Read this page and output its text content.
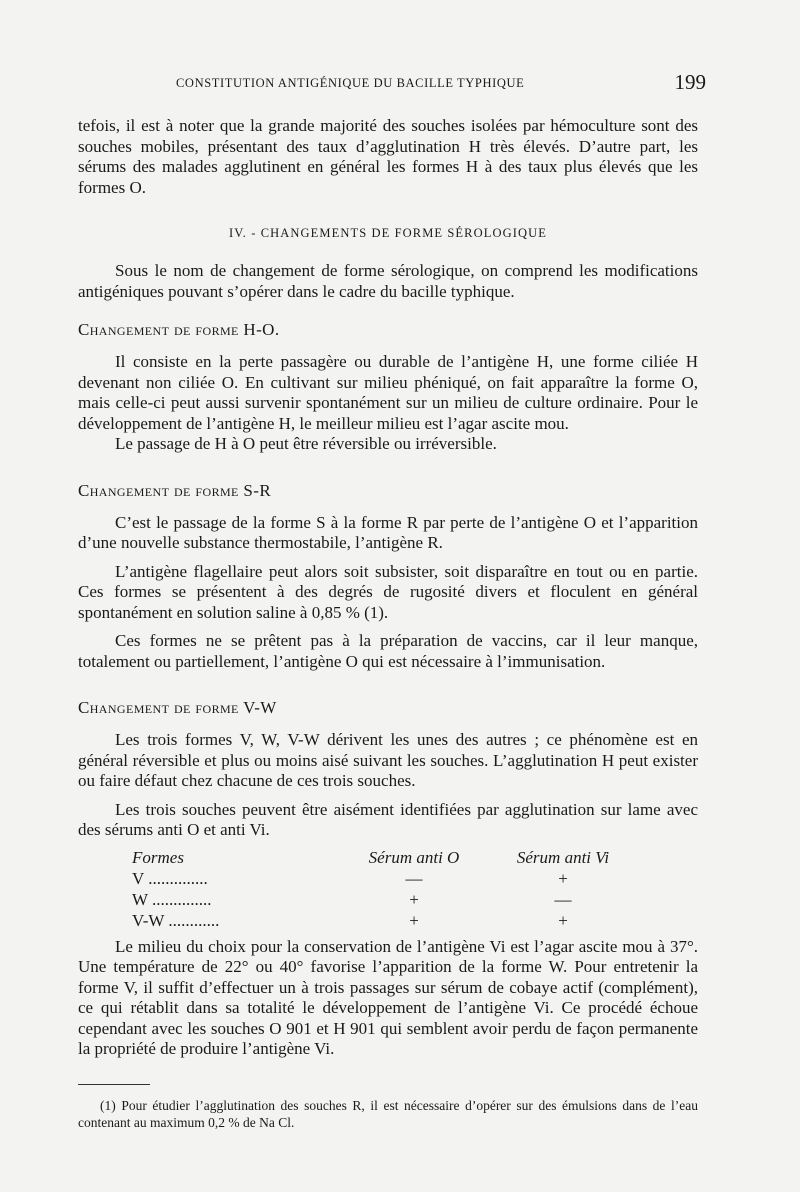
CONSTITUTION ANTIGÉNIQUE DU BACILLE TYPHIQUE	199

tefois, il est à noter que la grande majorité des souches isolées par hémoculture sont des souches mobiles, présentant des taux d’agglutination H très élevés. D’autre part, les sérums des malades agglutinent en général les formes H à des taux plus élevés que les formes O.

IV. - CHANGEMENTS DE FORME SÉROLOGIQUE

Sous le nom de changement de forme sérologique, on comprend les modifications antigéniques pouvant s’opérer dans le cadre du bacille typhique.

Changement de forme H-O.

Il consiste en la perte passagère ou durable de l’antigène H, une forme ciliée H devenant non ciliée O. En cultivant sur milieu phéniqué, on fait apparaître la forme O, mais celle-ci peut aussi survenir spontanément sur un milieu de culture ordinaire. Pour le développement de l’antigène H, le meilleur milieu est l’agar ascite mou.

Le passage de H à O peut être réversible ou irréversible.

Changement de forme S-R

C’est le passage de la forme S à la forme R par perte de l’antigène O et l’apparition d’une nouvelle substance thermostabile, l’antigène R.

L’antigène flagellaire peut alors soit subsister, soit disparaître en tout ou en partie. Ces formes se présentent à des degrés de rugosité divers et floculent en général spontanément en solution saline à 0,85 % (1).

Ces formes ne se prêtent pas à la préparation de vaccins, car il leur manque, totalement ou partiellement, l’antigène O qui est nécessaire à l’immunisation.

Changement de forme V-W

Les trois formes V, W, V-W dérivent les unes des autres ; ce phénomène est en général réversible et plus ou moins aisé suivant les souches. L’agglutination H peut exister ou faire défaut chez chacune de ces trois souches.

Les trois souches peuvent être aisément identifiées par agglutination sur lame avec des sérums anti O et anti Vi.

Formes	Sérum anti O	Sérum anti Vi
V ..............	—	+
W ..............	+	—
V-W ............	+	+

Le milieu du choix pour la conservation de l’antigène Vi est l’agar ascite mou à 37°. Une température de 22° ou 40° favorise l’apparition de la forme W. Pour entretenir la forme V, il suffit d’effectuer un à trois passages sur sérum de cobaye actif (complément), ce qui rétablit dans sa totalité le développement de l’antigène Vi. Ce procédé échoue cependant avec les souches O 901 et H 901 qui semblent avoir perdu de façon permanente la propriété de produire l’antigène Vi.

(1) Pour étudier l’agglutination des souches R, il est nécessaire d’opérer sur des émulsions dans de l’eau contenant au maximum 0,2 % de Na Cl.
